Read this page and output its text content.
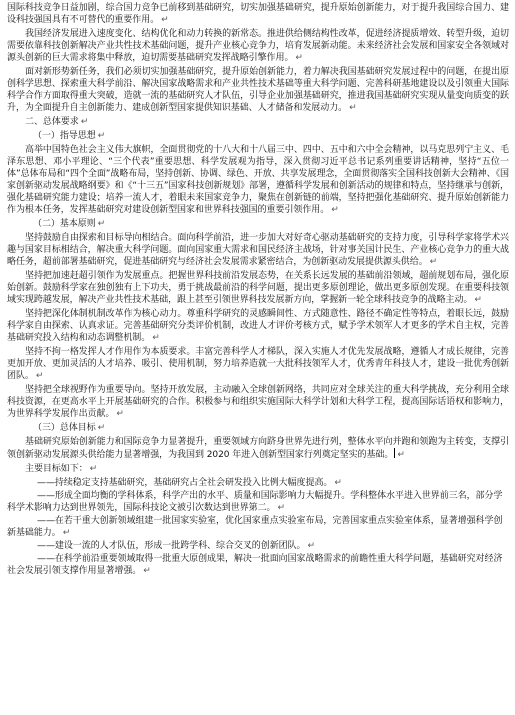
国际科技竞争日益加剧，综合国力竞争已前移到基础研究，切实加强基础研究，提升原始创新能力，对于提升我国综合国力、建设科技强国具有不可替代的重要作用。 ↵

我国经济发展进入速度变化、结构优化和动力转换的新常态。推进供给侧结构性改革，促进经济提质增效、转型升级，迫切需要依靠科技创新解决产业共性技术基础问题，提升产业核心竞争力，培育发展新动能。未来经济社会发展和国家安全各领域对源头创新的巨大需求将集中释放，迫切需要基础研究发挥战略引擎作用。 ↵

面对新形势新任务，我们必须切实加强基础研究，提升原始创新能力，着力解决我国基础研究发展过程中的问题，在提出原创科学思想、探索重大科学前沿、解决国家战略需求和产业共性技术基础等重大科学问题、完善科研基地建设以及引领重大国际科学合作方面取得重大突破，造就一流的基础研究人才队伍，引导企业加强基础研究，推进我国基础研究实现从量变向质变的跃升，为全面提升自主创新能力、建成创新型国家提供知识基础、人才储备和发展动力。 ↵

二、总体要求 ↵

（一）指导思想 ↵

高举中国特色社会主义伟大旗帜，全面贯彻党的十八大和十八届三中、四中、五中和六中全会精神，以马克思列宁主义、毛泽东思想、邓小平理论、“三个代表”重要思想、科学发展观为指导，深入贯彻习近平总书记系列重要讲话精神，坚持“五位一体”总体布局和“四个全面”战略布局，坚持创新、协调、绿色、开放、共享发展理念，全面贯彻落实全国科技创新大会精神、《国家创新驱动发展战略纲要》和《“十三五”国家科技创新规划》部署，遵循科学发展和创新活动的规律和特点，坚持继承与创新，强化基础研究能力建设；培养一流人才，着眼未来国家竞争力，聚焦在创新链的前端，坚持把强化基础研究、提升原始创新能力作为根本任务，发挥基础研究对建设创新型国家和世界科技强国的重要引领作用。 ↵

（二）基本原则 ↵

坚持鼓励自由探索和目标导向相结合。面向科学前沿，进一步加大对好奇心驱动基础研究的支持力度，引导科学家将学术兴趣与国家目标相结合，解决重大科学问题。面向国家重大需求和国民经济主战场，针对事关国计民生、产业核心竞争力的重大战略任务，超前部署基础研究，促进基础研究与经济社会发展需求紧密结合，为创新驱动发展提供源头供给。 ↵

坚持把加速赶超引领作为发展重点。把握世界科技前沿发展态势，在关系长远发展的基础前沿领域，超前规划布局，强化原始创新。鼓励科学家在独创独有上下功夫，勇于挑战最前沿的科学问题，提出更多原创理论，做出更多原创发现。在重要科技领域实现跨越发展，解决产业共性技术基础，跟上甚至引领世界科技发展新方向，掌握新一轮全球科技竞争的战略主动。 ↵

坚持把深化体制机制改革作为核心动力。尊重科学研究的灵感瞬间性、方式随意性、路径不确定性等特点，着眼长远，鼓励科学家自由探索、认真求证。完善基础研究分类评价机制，改进人才评价考核方式，赋予学术领军人才更多的学术自主权，完善基础研究投入结构和动态调整机制。 ↵

坚持不拘一格发挥人才作用作为本质要求。丰富完善科学人才梯队，深入实施人才优先发展战略，遵循人才成长规律，完善更加开放、更加灵活的人才培养、吸引、使用机制，努力培养造就一大批科技领军人才，优秀青年科技人才，建设一批优秀创新团队。 ↵

坚持把全球视野作为重要导向。坚持开放发展，主动融入全球创新网络，共同应对全球关注的重大科学挑战，充分利用全球科技资源，在更高水平上开展基础研究的合作。积极参与和组织实施国际大科学计划和大科学工程，提高国际话语权和影响力，为世界科学发展作出贡献。 ↵

（三）总体目标 ↵

基础研究原始创新能力和国际竞争力显著提升，重要领域方向跻身世界先进行列，整体水平向并跑和领跑为主转变，支撑引领创新驱动发展源头供给能力显著增强，为我国到 2020 年进入创新型国家行列奠定坚实的基础。 ↵

主要目标如下： ↵

——持续稳定支持基础研究，基础研究占全社会研发投入比例大幅度提高。 ↵

——形成全面均衡的学科体系，科学产出的水平、质量和国际影响力大幅提升。学科整体水平进入世界前三名，部分学科学术影响力达到世界领先，国际科技论文被引次数达到世界第二。 ↵

——在若干重大创新领域组建一批国家实验室，优化国家重点实验室布局，完善国家重点实验室体系，显著增强科学创新基础能力。 ↵

——建设一流的人才队伍，形成一批跨学科、综合交叉的创新团队。 ↵

——在科学前沿重要领域取得一批重大原创成果，解决一批面向国家战略需求的前瞻性重大科学问题，基础研究对经济社会发展引领支撑作用显著增强。 ↵
